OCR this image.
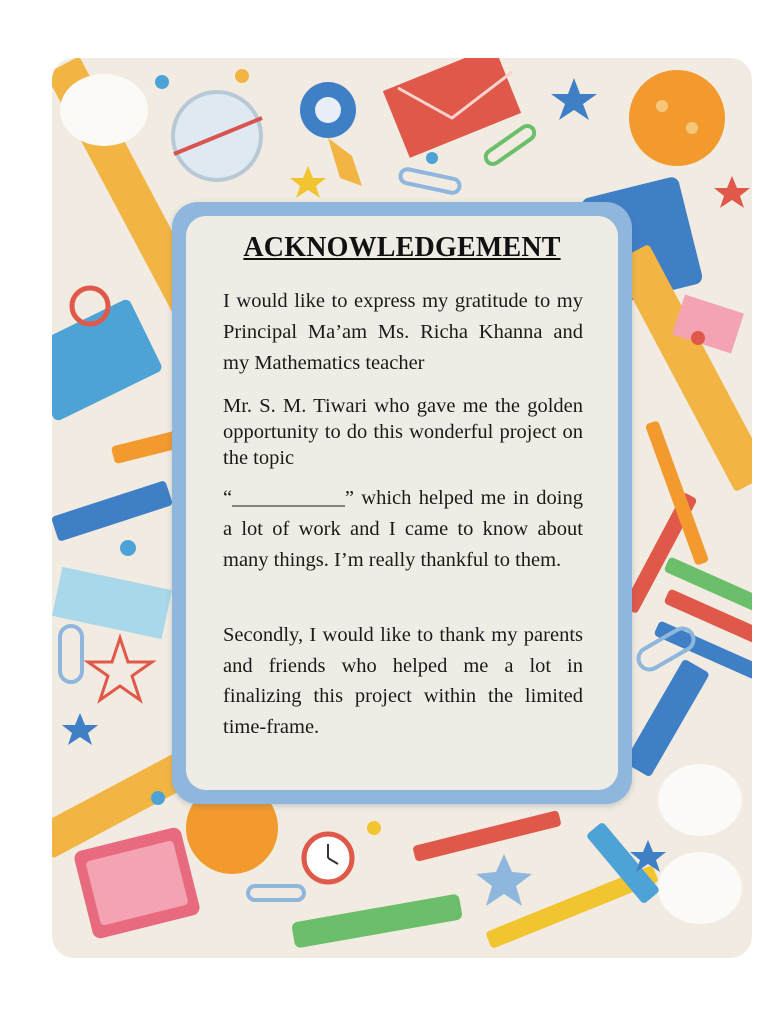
ACKNOWLEDGEMENT

I would like to express my gratitude to my Principal Ma’am Ms. Richa Khanna and my Mathematics teacher

Mr. S. M. Tiwari who gave me the golden opportunity to do this wonderful project on the topic

“___________” which helped me in doing a lot of work and I came to know about many things. I’m really thankful to them.

Secondly, I would like to thank my parents and friends who helped me a lot in finalizing this project within the limited time-frame.
